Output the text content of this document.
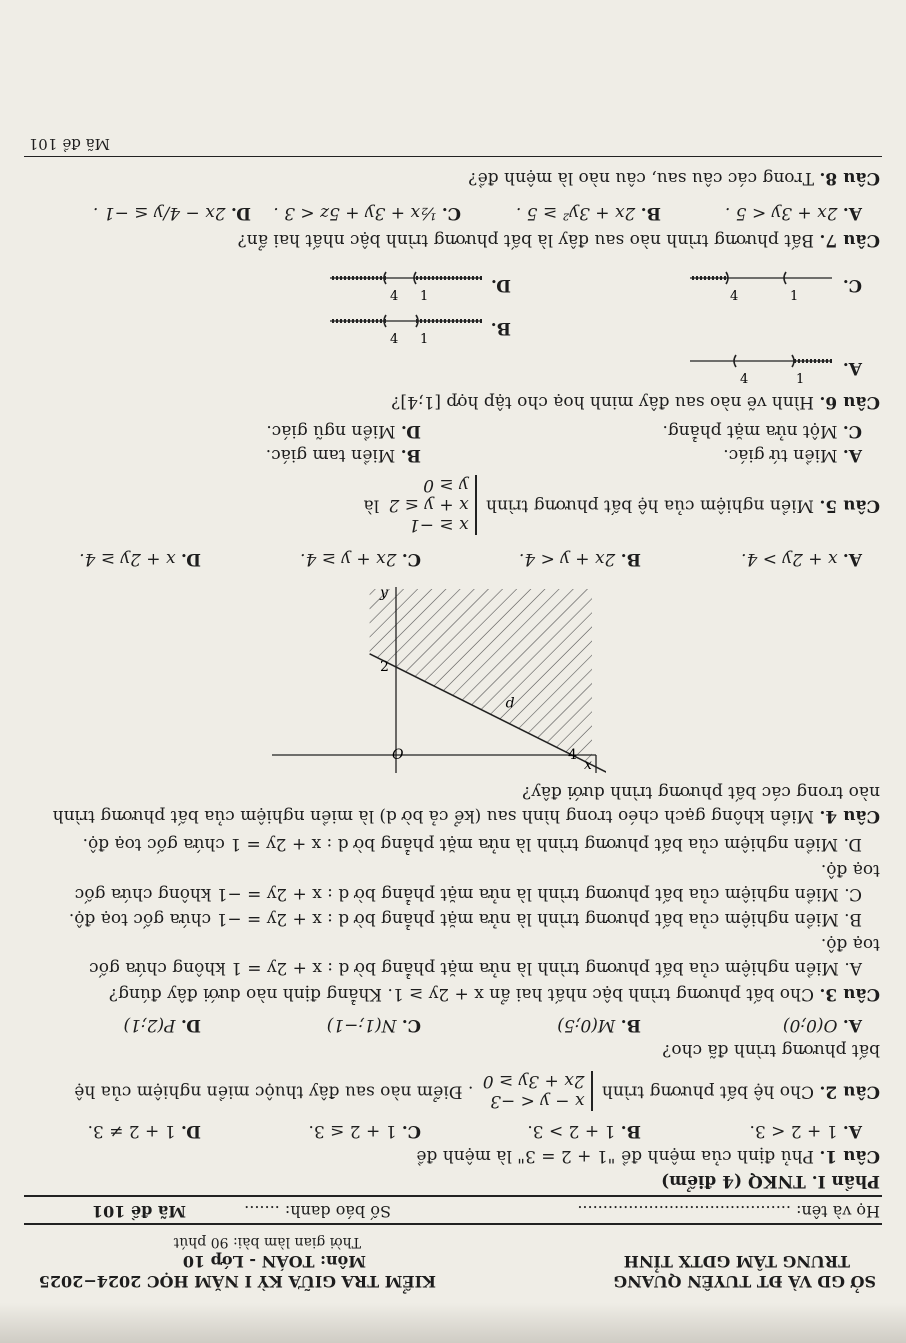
SỞ GD VÀ ĐT TUYÊN QUANG
TRUNG TÂM GDTX TỈNH
KIỂM TRA GIỮA KỲ I NĂM HỌC 2024−2025
Môn: TOÁN - Lớp 10
Thời gian làm bài: 90 phút
Họ và tên: ..........................................
Số báo danh: .......
Mã đề 101
Phần I. TNKQ (4 điểm)
Câu 1. Phủ định của mệnh đề "1 + 2 = 3" là mệnh đề
A. 1 + 2 < 3.
B. 1 + 2 > 3.
C. 1 + 2 ≤ 3.
D. 1 + 2 ≠ 3.
Câu 2. Cho hệ bất phương trình
x − y < −3
2x + 3y ≥ 0
. Điểm nào sau đây thuộc miền nghiệm của hệ
bất phương trình đã cho?
A. O(0;0)
B. M(0;5)
C. N(1;−1)
D. P(2;1)
Câu 3. Cho bất phương trình bậc nhất hai ẩn x + 2y ≥ 1. Khẳng định nào dưới đây đúng?
A. Miền nghiệm của bất phương trình là nửa mặt phẳng bờ d : x + 2y = 1 không chứa gốc
toạ độ.
B. Miền nghiệm của bất phương trình là nửa mặt phẳng bờ d : x + 2y = −1 chứa gốc toạ độ.
C. Miền nghiệm của bất phương trình là nửa mặt phẳng bờ d : x + 2y = −1 không chứa gốc
toạ độ.
D. Miền nghiệm của bất phương trình là nửa mặt phẳng bờ d : x + 2y = 1 chứa gốc toạ độ.
Câu 4. Miền không gạch chéo trong hình sau (kể cả bờ d) là miền nghiệm của bất phương trình
nào trong các bất phương trình dưới đây?
x
O	4
2
y
d
A. x + 2y > 4.
B. 2x + y < 4.
C. 2x + y ≥ 4.
D. x + 2y ≥ 4.
Câu 5. Miền nghiệm của hệ bất phương trình
x ≥ −1
x + y ≤ 2
y ≥ 0
là
A. Miền tứ giác.
B. Miền tam giác.
C. Một nửa mặt phẳng.
D. Miền ngũ giác.
Câu 6. Hình vẽ nào sau đây minh hoạ cho tập hợp [1;4]?
A.
1
4
B.
1
4
C.
1
4
D.
1
4
Câu 7. Bất phương trình nào sau đây là bất phương trình bậc nhất hai ẩn?
A. 2x + 3y < 5 .
B. 2x + 3y² ≥ 5 .
C. ½x + 3y + 5z < 3 .
D. 2x − 4/y ≤ −1 .
Câu 8. Trong các câu sau, câu nào là mệnh đề?
Mã đề 101
